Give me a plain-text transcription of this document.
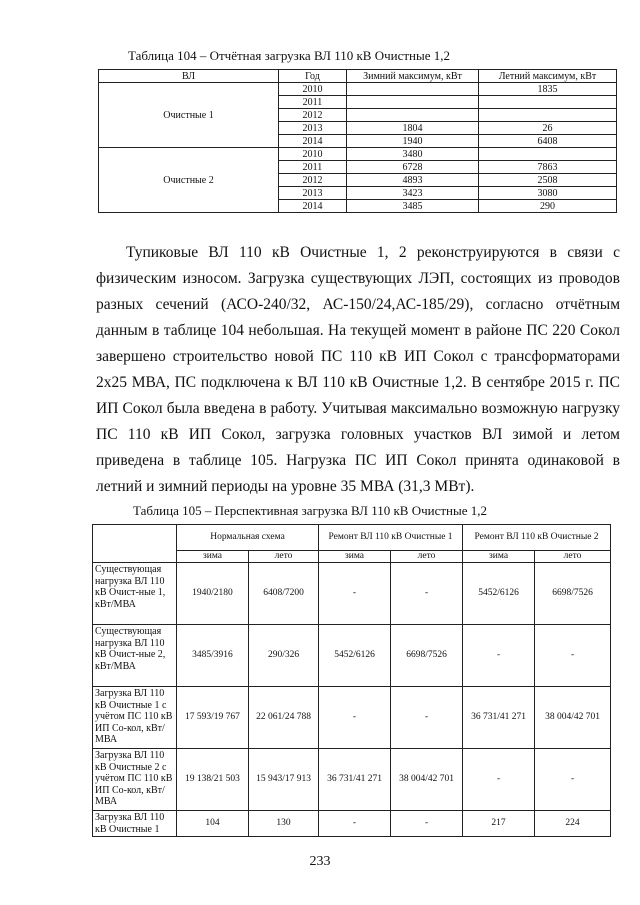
Таблица 104 – Отчётная загрузка ВЛ 110 кВ Очистные 1,2
ВЛ	Год	Зимний максимум, кВт	Летний максимум, кВт
Очистные 1	2010		1835
	2011		
	2012		
	2013	1804	26
	2014	1940	6408
Очистные 2	2010	3480	
	2011	6728	7863
	2012	4893	2508
	2013	3423	3080
	2014	3485	290

Тупиковые ВЛ 110 кВ Очистные 1, 2 реконструируются в связи с физическим износом. Загрузка существующих ЛЭП, состоящих из проводов разных сечений (АСО-240/32, АС-150/24,АС-185/29), согласно отчётным данным в таблице 104 небольшая. На текущей момент в районе ПС 220 Сокол завершено строительство новой ПС 110 кВ ИП Сокол с трансформаторами 2х25 МВА, ПС подключена к ВЛ 110 кВ Очистные 1,2. В сентябре 2015 г. ПС ИП Сокол была введена в работу. Учитывая максимально возможную нагрузку ПС 110 кВ ИП Сокол, загрузка головных участков ВЛ зимой и летом приведена в таблице 105. Нагрузка ПС ИП Сокол принята одинаковой в летний и зимний периоды на уровне 35 МВА (31,3 МВт).

Таблица 105 – Перспективная загрузка ВЛ 110 кВ Очистные 1,2
	Нормальная схема		Ремонт ВЛ 110 кВ Очистные 1		Ремонт ВЛ 110 кВ Очистные 2	
	зима	лето	зима	лето	зима	лето
Существующая нагрузка ВЛ 110 кВ Очист-ные 1, кВт/МВА	1940/2180	6408/7200	-	-	5452/6126	6698/7526
Существующая нагрузка ВЛ 110 кВ Очист-ные 2, кВт/МВА	3485/3916	290/326	5452/6126	6698/7526	-	-
Загрузка ВЛ 110 кВ Очистные 1 с учётом ПС 110 кВ ИП Со-кол, кВт/МВА	17 593/19 767	22 061/24 788	-	-	36 731/41 271	38 004/42 701
Загрузка ВЛ 110 кВ Очистные 2 с учётом ПС 110 кВ ИП Со-кол, кВт/МВА	19 138/21 503	15 943/17 913	36 731/41 271	38 004/42 701	-	-
Загрузка ВЛ 110 кВ Очистные 1	104	130	-	-	217	224
233
